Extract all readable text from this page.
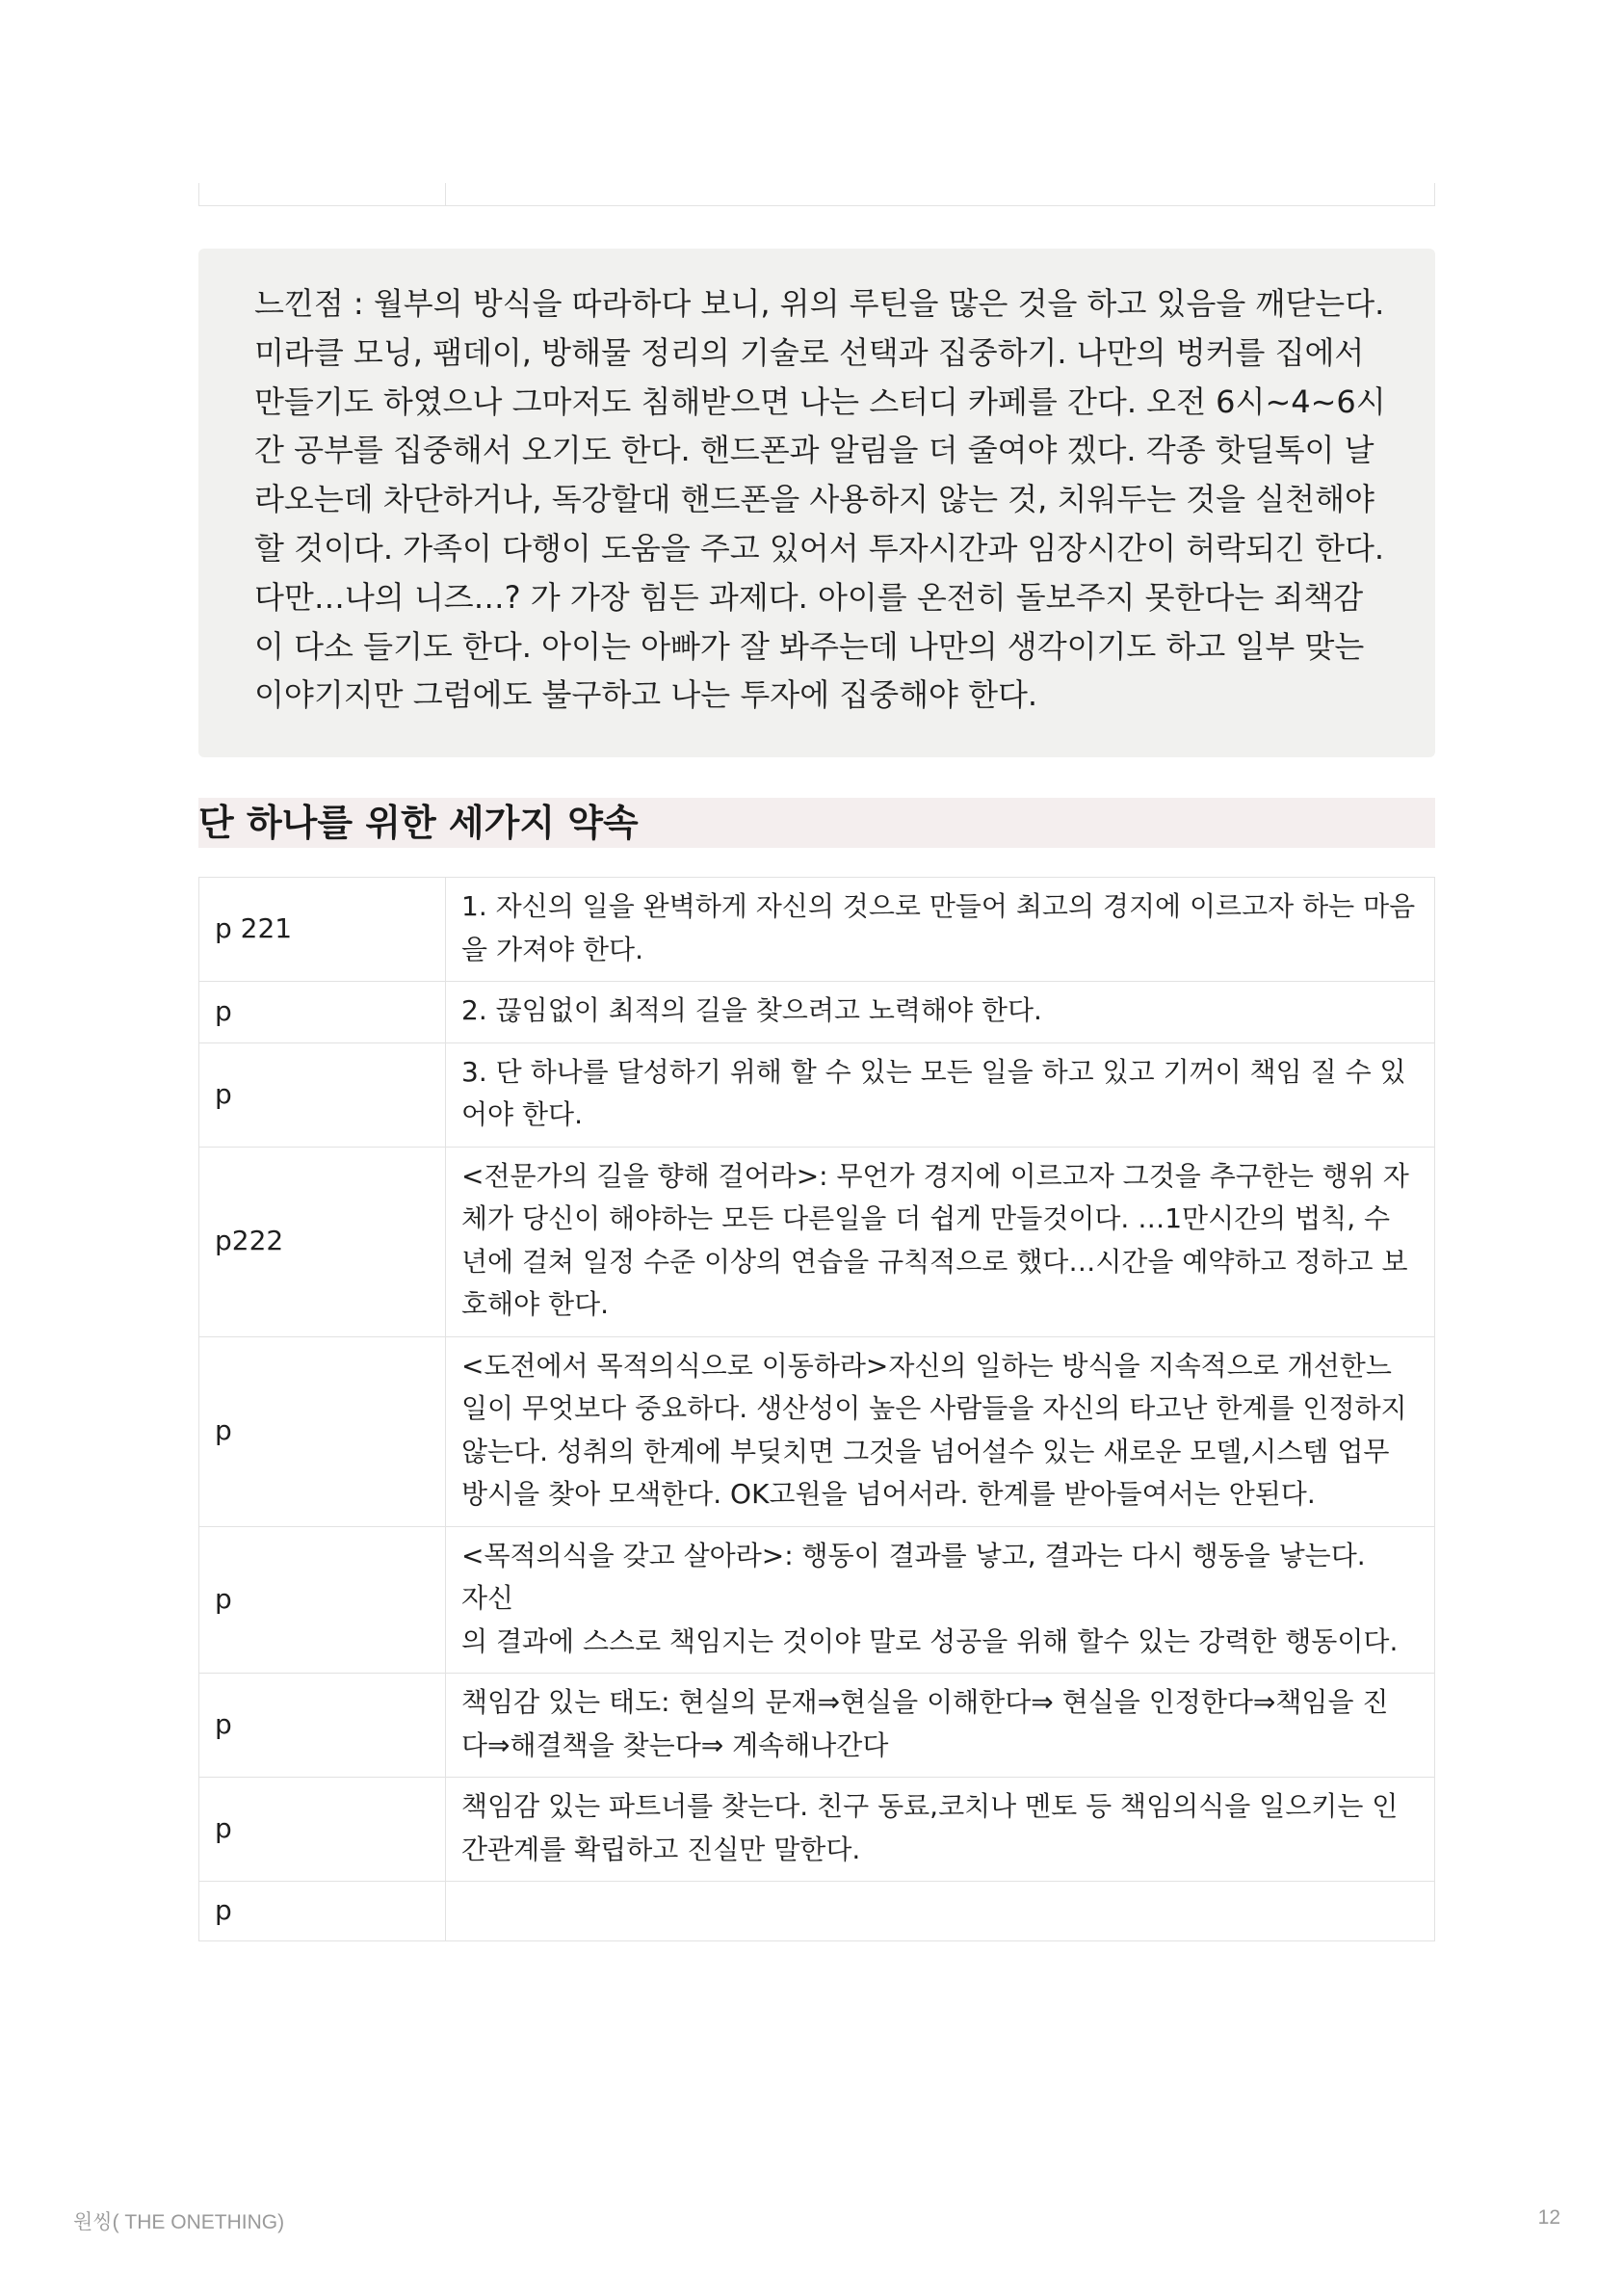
느낀점 : 월부의 방식을 따라하다 보니, 위의 루틴을 많은 것을 하고 있음을 깨닫는다.

미라클 모닝, 팸데이, 방해물 정리의 기술로 선택과 집중하기. 나만의 벙커를 집에서

만들기도 하였으나 그마저도 침해받으면 나는 스터디 카페를 간다. 오전 6시~4~6시

간 공부를 집중해서 오기도 한다. 핸드폰과 알림을 더 줄여야 겠다. 각종 핫딜톡이 날

라오는데 차단하거나, 독강할대 핸드폰을 사용하지 않는 것, 치워두는 것을 실천해야

할 것이다. 가족이 다행이 도움을 주고 있어서 투자시간과 임장시간이 허락되긴 한다.

다만…나의 니즈…? 가 가장 힘든 과제다. 아이를 온전히 돌보주지 못한다는 죄책감

이 다소 들기도 한다. 아이는 아빠가 잘 봐주는데 나만의 생각이기도 하고 일부 맞는

이야기지만 그럼에도 불구하고 나는 투자에 집중해야 한다.

단 하나를 위한 세가지 약속
p 221	1. 자신의 일을 완벽하게 자신의 것으로 만들어 최고의 경지에 이르고자 하는 마음
을 가져야 한다.

p	2. 끊임없이 최적의 길을 찾으려고 노력해야 한다.

p	3. 단 하나를 달성하기 위해 할 수 있는 모든 일을 하고 있고 기꺼이 책임 질 수 있
어야 한다.

p222	<전문가의 길을 향해 걸어라>: 무언가 경지에 이르고자 그것을 추구한는 행위 자
체가 당신이 해야하는 모든 다른일을 더 쉽게 만들것이다. …1만시간의 법칙, 수
년에 걸쳐 일정 수준 이상의 연습을 규칙적으로 했다…시간을 예약하고 정하고 보
호해야 한다.

p	<도전에서 목적의식으로 이동하라>자신의 일하는 방식을 지속적으로 개선한느
일이 무엇보다 중요하다. 생산성이 높은 사람들을 자신의 타고난 한계를 인정하지
않는다. 성취의 한계에 부딪치면 그것을 넘어설수 있는 새로운 모델,시스템 업무
방시을 찾아 모색한다. OK고원을 넘어서라. 한계를 받아들여서는 안된다.

p	<목적의식을 갖고 살아라>: 행동이 결과를 낳고, 결과는 다시 행동을 낳는다. 자신
의 결과에 스스로 책임지는 것이야 말로 성공을 위해 할수 있는 강력한 행동이다.

p	책임감 있는 태도: 현실의 문재⇒현실을 이해한다⇒ 현실을 인정한다⇒책임을 진
다⇒해결책을 찾는다⇒ 계속해나간다

p	책임감 있는 파트너를 찾는다. 친구 동료,코치나 멘토 등 책임의식을 일으키는 인
간관계를 확립하고 진실만 말한다.

p	
원씽( THE ONETHING)	12
